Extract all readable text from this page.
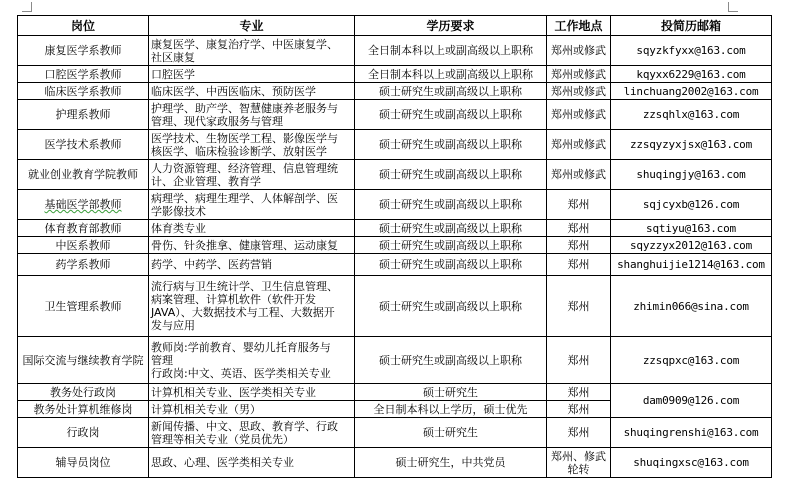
岗位	专业	学历要求	工作地点	投简历邮箱
康复医学系教师	康复医学、康复治疗学、中医康复学、
社区康复	全日制本科以上或副高级以上职称	郑州或修武	sqyzkfyxx@163.com
口腔医学系教师	口腔医学	全日制本科以上或副高级以上职称	郑州或修武	kqyxx6229@163.com
临床医学系教师	临床医学、中西医临床、预防医学	硕士研究生或副高级以上职称	郑州或修武	linchuang2002@163.com
护理系教师	护理学、助产学、智慧健康养老服务与
管理、现代家政服务与管理	硕士研究生或副高级以上职称	郑州或修武	zzsqhlx@163.com
医学技术系教师	医学技术、生物医学工程、影像医学与
核医学、临床检验诊断学、放射医学	硕士研究生或副高级以上职称	郑州或修武	zzsqyzyxjsx@163.com
就业创业教育学院教师	人力资源管理、经济管理、信息管理统
计、企业管理、教育学	硕士研究生或副高级以上职称	郑州或修武	shuqingjy@163.com
基础医学部教师	病理学、病理生理学、人体解剖学、医
学影像技术	硕士研究生或副高级以上职称	郑州	sqjcyxb@126.com
体育教育部教师	体育类专业	硕士研究生或副高级以上职称	郑州	sqtiyu@163.com
中医系教师	骨伤、针灸推拿、健康管理、运动康复	硕士研究生或副高级以上职称	郑州	sqyzzyx2012@163.com
药学系教师	药学、中药学、医药营销	硕士研究生或副高级以上职称	郑州	shanghuijie1214@163.com
卫生管理系教师	流行病与卫生统计学、卫生信息管理、
病案管理、计算机软件（软件开发
JAVA）、大数据技术与工程、大数据开
发与应用	硕士研究生或副高级以上职称	郑州	zhimin066@sina.com
国际交流与继续教育学院	教师岗:学前教育、婴幼儿托育服务与
管理
行政岗:中文、英语、医学类相关专业	硕士研究生或副高级以上职称	郑州	zzsqpxc@163.com
教务处行政岗	计算机相关专业、医学类相关专业	硕士研究生	郑州	dam0909@126.com
教务处计算机维修岗	计算机相关专业（男）	全日制本科以上学历，硕士优先	郑州	
行政岗	新闻传播、中文、思政、教育学、行政
管理等相关专业（党员优先）	硕士研究生	郑州	shuqingrenshi@163.com
辅导员岗位	思政、心理、医学类相关专业	硕士研究生，中共党员	郑州、修武轮转	shuqingxsc@163.com
